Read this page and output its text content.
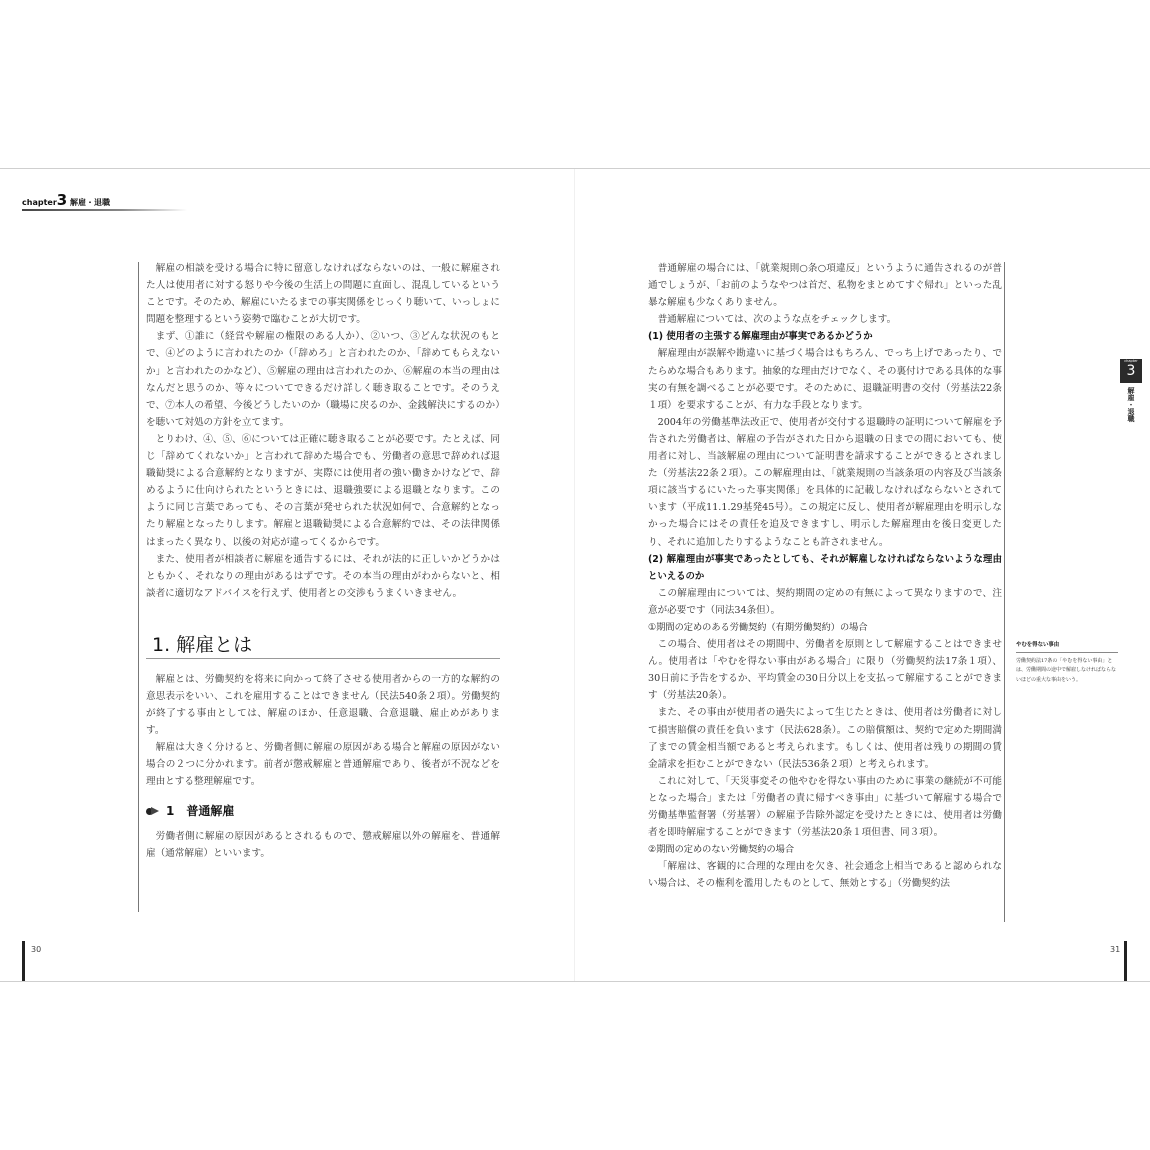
chapter3 解雇・退職

解雇の相談を受ける場合に特に留意しなければならないのは、一般に解雇された人は使用者に対する怒りや今後の生活上の問題に直面し、混乱しているということです。そのため、解雇にいたるまでの事実関係をじっくり聴いて、いっしょに問題を整理するという姿勢で臨むことが大切です。

まず、①誰に（経営や解雇の権限のある人か）、②いつ、③どんな状況のもとで、④どのように言われたのか（「辞めろ」と言われたのか、「辞めてもらえないか」と言われたのかなど）、⑤解雇の理由は言われたのか、⑥解雇の本当の理由はなんだと思うのか、等々についてできるだけ詳しく聴き取ることです。そのうえで、⑦本人の希望、今後どうしたいのか（職場に戻るのか、金銭解決にするのか）を聴いて対処の方針を立てます。

とりわけ、④、⑤、⑥については正確に聴き取ることが必要です。たとえば、同じ「辞めてくれないか」と言われて辞めた場合でも、労働者の意思で辞めれば退職勧奨による合意解約となりますが、実際には使用者の強い働きかけなどで、辞めるように仕向けられたというときには、退職強要による退職となります。このように同じ言葉であっても、その言葉が発せられた状況如何で、合意解約となったり解雇となったりします。解雇と退職勧奨による合意解約では、その法律関係はまったく異なり、以後の対応が違ってくるからです。

また、使用者が相談者に解雇を通告するには、それが法的に正しいかどうかはともかく、それなりの理由があるはずです。その本当の理由がわからないと、相談者に適切なアドバイスを行えず、使用者との交渉もうまくいきません。

1. 解雇とは

解雇とは、労働契約を将来に向かって終了させる使用者からの一方的な解約の意思表示をいい、これを雇用することはできません（民法540条２項）。労働契約が終了する事由としては、解雇のほか、任意退職、合意退職、雇止めがあります。

解雇は大きく分けると、労働者側に解雇の原因がある場合と解雇の原因がない場合の２つに分かれます。前者が懲戒解雇と普通解雇であり、後者が不況などを理由とする整理解雇です。

1　普通解雇

労働者側に解雇の原因があるとされるもので、懲戒解雇以外の解雇を、普通解雇（通常解雇）といいます。

30

普通解雇の場合には、「就業規則○条○項違反」というように通告されるのが普通でしょうが、「お前のようなやつは首だ、私物をまとめてすぐ帰れ」といった乱暴な解雇も少なくありません。

普通解雇については、次のような点をチェックします。

(1) 使用者の主張する解雇理由が事実であるかどうか

解雇理由が誤解や勘違いに基づく場合はもちろん、でっち上げであったり、でたらめな場合もあります。抽象的な理由だけでなく、その裏付けである具体的な事実の有無を調べることが必要です。そのために、退職証明書の交付（労基法22条１項）を要求することが、有力な手段となります。

2004年の労働基準法改正で、使用者が交付する退職時の証明について解雇を予告された労働者は、解雇の予告がされた日から退職の日までの間においても、使用者に対し、当該解雇の理由について証明書を請求することができるとされました（労基法22条２項）。この解雇理由は、「就業規則の当該条項の内容及び当該条項に該当するにいたった事実関係」を具体的に記載しなければならないとされています（平成11.1.29基発45号）。この規定に反し、使用者が解雇理由を明示しなかった場合にはその責任を追及できますし、明示した解雇理由を後日変更したり、それに追加したりするようなことも許されません。

(2) 解雇理由が事実であったとしても、それが解雇しなければならないような理由といえるのか

この解雇理由については、契約期間の定めの有無によって異なりますので、注意が必要です（同法34条但）。

①期間の定めのある労働契約（有期労働契約）の場合

この場合、使用者はその期間中、労働者を原則として解雇することはできません。使用者は「やむを得ない事由がある場合」に限り（労働契約法17条１項）、30日前に予告をするか、平均賃金の30日分以上を支払って解雇することができます（労基法20条）。

また、その事由が使用者の過失によって生じたときは、使用者は労働者に対して損害賠償の責任を負います（民法628条）。この賠償額は、契約で定めた期間満了までの賃金相当額であると考えられます。もしくは、使用者は残りの期間の賃金請求を拒むことができない（民法536条２項）と考えられます。

これに対して、「天災事変その他やむを得ない事由のために事業の継続が不可能となった場合」または「労働者の責に帰すべき事由」に基づいて解雇する場合で労働基準監督署（労基署）の解雇予告除外認定を受けたときには、使用者は労働者を即時解雇することができます（労基法20条１項但書、同３項）。

②期間の定めのない労働契約の場合

「解雇は、客観的に合理的な理由を欠き、社会通念上相当であると認められない場合は、その権利を濫用したものとして、無効とする」（労働契約法

chapter
3
解雇・退職
やむを得ない事由
労働契約法17条の「やむを得ない事由」とは、労働期間の途中で解雇しなければならないほどの重大な事由をいう。
31
